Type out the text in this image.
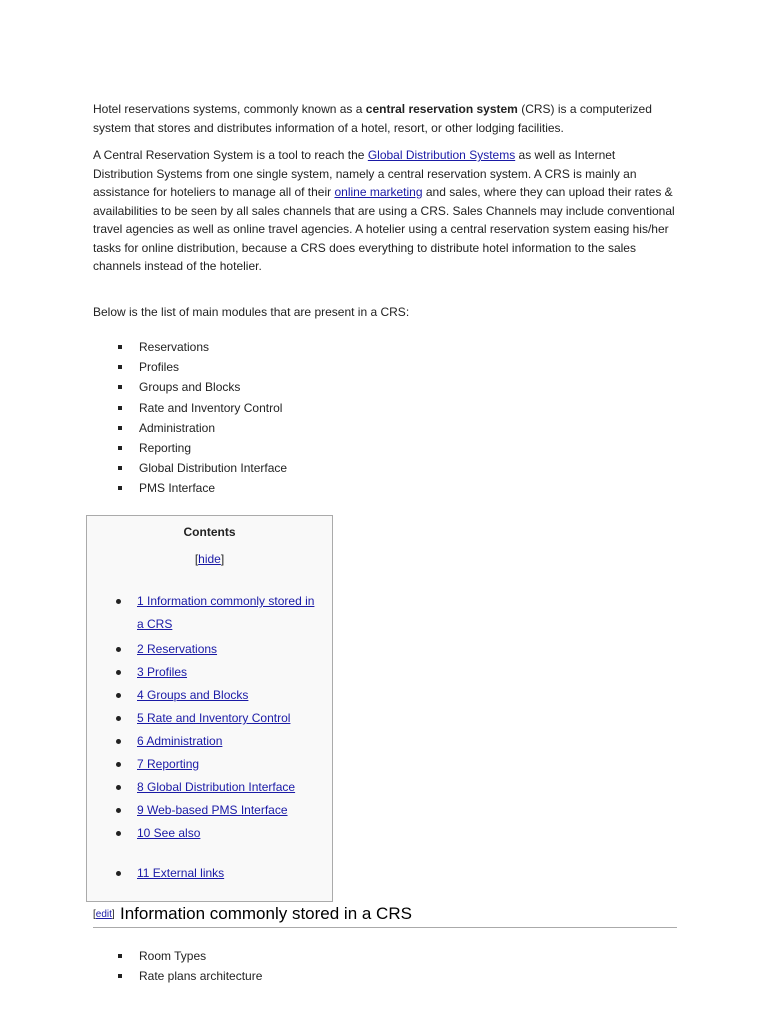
Hotel reservations systems, commonly known as a central reservation system (CRS) is a computerized system that stores and distributes information of a hotel, resort, or other lodging facilities.

A Central Reservation System is a tool to reach the Global Distribution Systems as well as Internet Distribution Systems from one single system, namely a central reservation system. A CRS is mainly an assistance for hoteliers to manage all of their online marketing and sales, where they can upload their rates & availabilities to be seen by all sales channels that are using a CRS. Sales Channels may include conventional travel agencies as well as online travel agencies. A hotelier using a central reservation system easing his/her tasks for online distribution, because a CRS does everything to distribute hotel information to the sales channels instead of the hotelier.

Below is the list of main modules that are present in a CRS:

Reservations
Profiles
Groups and Blocks
Rate and Inventory Control
Administration
Reporting
Global Distribution Interface
PMS Interface
Contents
[hide]
1 Information commonly stored in a CRS
2 Reservations
3 Profiles
4 Groups and Blocks
5 Rate and Inventory Control
6 Administration
7 Reporting
8 Global Distribution Interface
9 Web-based PMS Interface
10 See also
11 External links
[edit] Information commonly stored in a CRS
Room Types
Rate plans architecture
